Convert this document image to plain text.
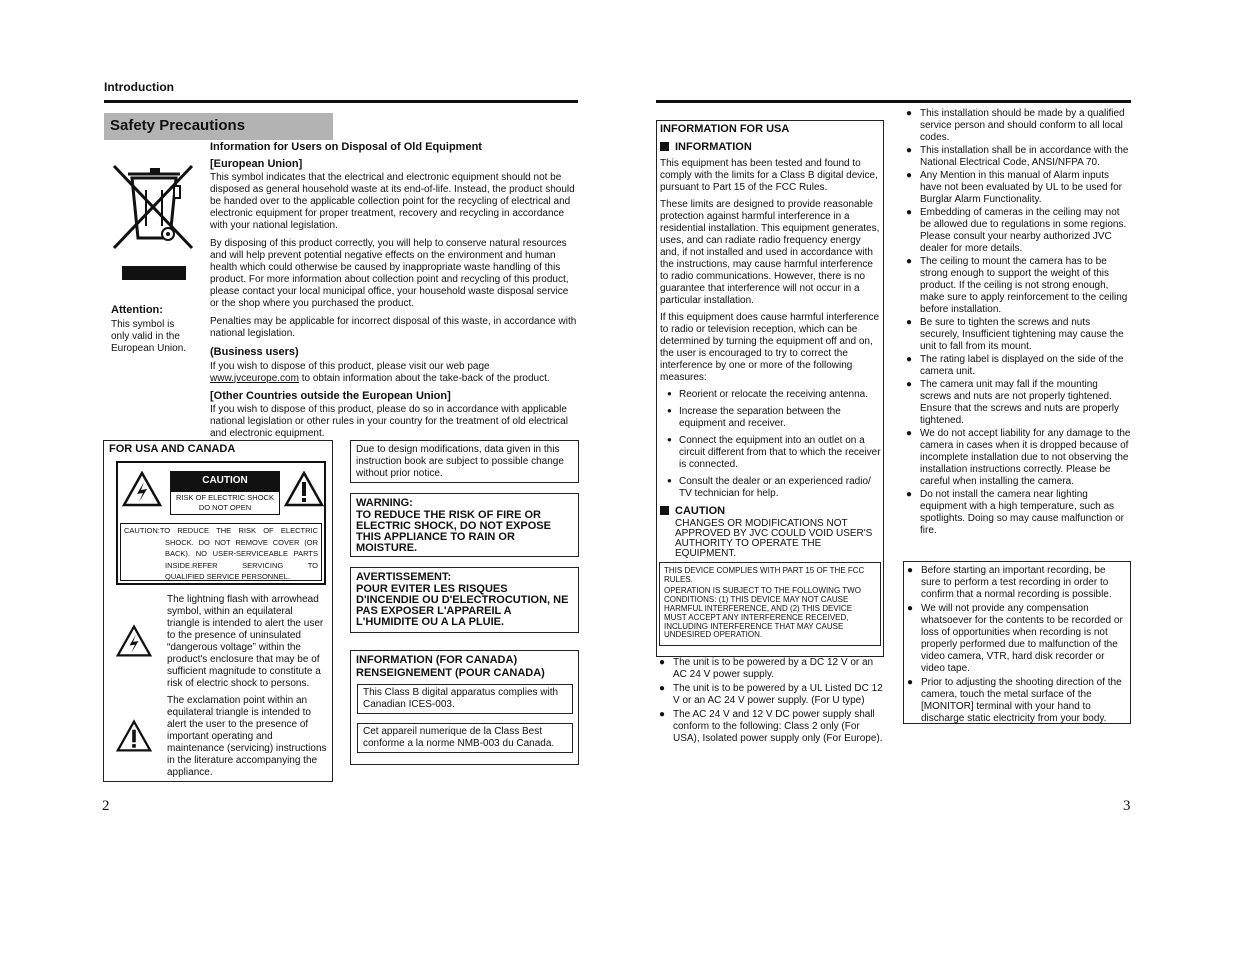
Introduction
Safety Precautions
Attention:
This symbol is only valid in the European Union.

Information for Users on Disposal of Old Equipment

[European Union]

This symbol indicates that the electrical and electronic equipment should not be disposed as general household waste at its end-of-life. Instead, the product should be handed over to the applicable collection point for the recycling of electrical and electronic equipment for proper treatment, recovery and recycling in accordance with your national legislation.

By disposing of this product correctly, you will help to conserve natural resources and will help prevent potential negative effects on the environment and human health which could otherwise be caused by inappropriate waste handling of this product. For more information about collection point and recycling of this product, please contact your local municipal office, your household waste disposal service or the shop where you purchased the product.

Penalties may be applicable for incorrect disposal of this waste, in accordance with national legislation.

(Business users)

If you wish to dispose of this product, please visit our web page
www.jvceurope.com to obtain information about the take-back of the product.

[Other Countries outside the European Union]

If you wish to dispose of this product, please do so in accordance with applicable national legislation or other rules in your country for the treatment of old electrical and electronic equipment.

FOR USA AND CANADA
CAUTION
RISK OF ELECTRIC SHOCK
DO NOT OPEN
CAUTION:TO REDUCE THE RISK OF ELECTRIC
SHOCK. DO NOT REMOVE COVER (OR
BACK). NO USER-SERVICEABLE PARTS
INSIDE.REFER SERVICING TO
QUALIFIED SERVICE PERSONNEL.
The lightning flash with arrowhead symbol, within an equilateral triangle is intended to alert the user to the presence of uninsulated “dangerous voltage” within the product's enclosure that may be of sufficient magnitude to constitute a risk of electric shock to persons.
The exclamation point within an equilateral triangle is intended to alert the user to the presence of important operating and maintenance (servicing) instructions in the literature accompanying the appliance.

Due to design modifications, data given in this instruction book are subject to possible change without prior notice.

WARNING:

TO REDUCE THE RISK OF FIRE OR ELECTRIC SHOCK, DO NOT EXPOSE THIS APPLIANCE TO RAIN OR MOISTURE.

AVERTISSEMENT:

POUR EVITER LES RISQUES D'INCENDIE OU D'ELECTROCUTION, NE PAS EXPOSER L'APPAREIL A L'HUMIDITE OU A LA PLUIE.

INFORMATION (FOR CANADA)

RENSEIGNEMENT (POUR CANADA)

This Class B digital apparatus complies with Canadian ICES-003.

Cet appareil numerique de la Class Best conforme a la norme NMB-003 du Canada.

2

INFORMATION FOR USA

INFORMATION

This equipment has been tested and found to comply with the limits for a Class B digital device, pursuant to Part 15 of the FCC Rules.

These limits are designed to provide reasonable protection against harmful interference in a residential installation. This equipment generates, uses, and can radiate radio frequency energy and, if not installed and used in accordance with the instructions, may cause harmful interference to radio communications. However, there is no guarantee that interference will not occur in a particular installation.

If this equipment does cause harmful interference to radio or television reception, which can be determined by turning the equipment off and on, the user is encouraged to try to correct the interference by one or more of the following measures:

● Reorient or relocate the receiving antenna.

● Increase the separation between the equipment and receiver.

● Connect the equipment into an outlet on a circuit different from that to which the receiver is connected.

● Consult the dealer or an experienced radio/ TV technician for help.

CAUTION

CHANGES OR MODIFICATIONS NOT APPROVED BY JVC COULD VOID USER'S AUTHORITY TO OPERATE THE EQUIPMENT.

THIS DEVICE COMPLIES WITH PART 15 OF THE FCC RULES.

OPERATION IS SUBJECT TO THE FOLLOWING TWO CONDITIONS: (1) THIS DEVICE MAY NOT CAUSE HARMFUL INTERFERENCE, AND (2) THIS DEVICE MUST ACCEPT ANY INTERFERENCE RECEIVED, INCLUDING INTERFERENCE THAT MAY CAUSE UNDESIRED OPERATION.

● The unit is to be powered by a DC 12 V or an AC 24 V power supply.

● The unit is to be powered by a UL Listed DC 12 V or an AC 24 V power supply. (For U type)

● The AC 24 V and 12 V DC power supply shall conform to the following: Class 2 only (For USA), Isolated power supply only (For Europe).

● This installation should be made by a qualified service person and should conform to all local codes.

● This installation shall be in accordance with the National Electrical Code, ANSI/NFPA 70.

● Any Mention in this manual of Alarm inputs have not been evaluated by UL to be used for Burglar Alarm Functionality.

● Embedding of cameras in the ceiling may not be allowed due to regulations in some regions. Please consult your nearby authorized JVC dealer for more details.

● The ceiling to mount the camera has to be strong enough to support the weight of this product. If the ceiling is not strong enough, make sure to apply reinforcement to the ceiling before installation.

● Be sure to tighten the screws and nuts securely, Insufficient tightening may cause the unit to fall from its mount.

● The rating label is displayed on the side of the camera unit.

● The camera unit may fall if the mounting screws and nuts are not properly tightened. Ensure that the screws and nuts are properly tightened.

● We do not accept liability for any damage to the camera in cases when it is dropped because of incomplete installation due to not observing the installation instructions correctly. Please be careful when installing the camera.

● Do not install the camera near lighting equipment with a high temperature, such as spotlights. Doing so may cause malfunction or fire.

● Before starting an important recording, be sure to perform a test recording in order to confirm that a normal recording is possible.

● We will not provide any compensation whatsoever for the contents to be recorded or loss of opportunities when recording is not properly performed due to malfunction of the video camera, VTR, hard disk recorder or video tape.

● Prior to adjusting the shooting direction of the camera, touch the metal surface of the [MONITOR] terminal with your hand to discharge static electricity from your body.

3
